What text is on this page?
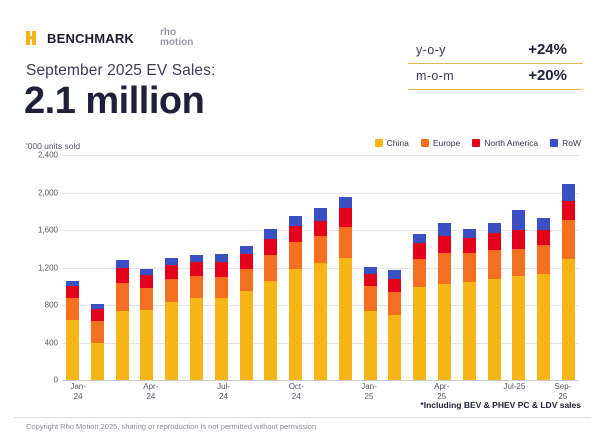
BENCHMARK	rho
motion
September 2025 EV Sales:
2.1 million
y-o-y	+24%
m-o-m	+20%
'000 units sold	China	Europe	North America	RoW
0
400
800
1,200
1,600
2,000
2,400
Jan-
24
Apr-
24
Jul-
24
Oct-
24
Jan-
25
Apr-
25
Jul-25	Sep-
25
*Including BEV & PHEV PC & LDV sales
Copyright Rho Motion 2025, sharing or reproduction is not permitted without permission
